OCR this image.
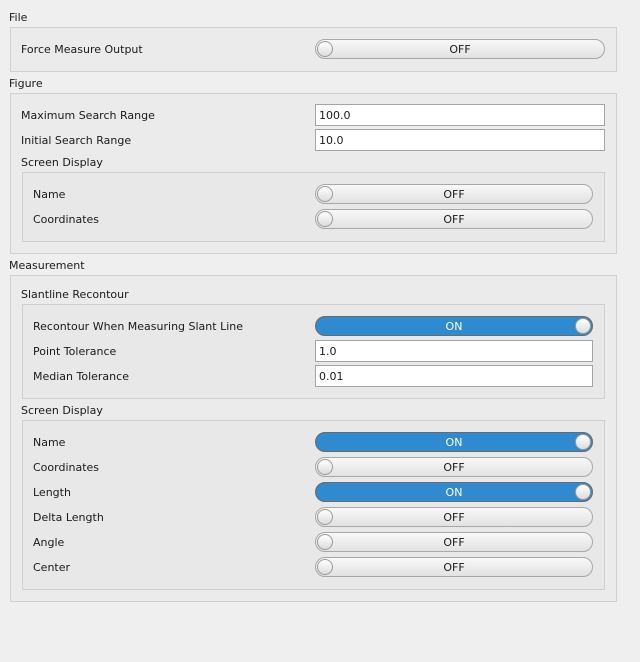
File
Force Measure Output	OFF
Figure
Maximum Search Range	100.0
Initial Search Range	10.0
Screen Display
Name	OFF
Coordinates	OFF
Measurement
Slantline Recontour
Recontour When Measuring Slant Line	ON
Point Tolerance	1.0
Median Tolerance	0.01
Screen Display
Name	ON
Coordinates	OFF
Length	ON
Delta Length	OFF
Angle	OFF
Center	OFF
